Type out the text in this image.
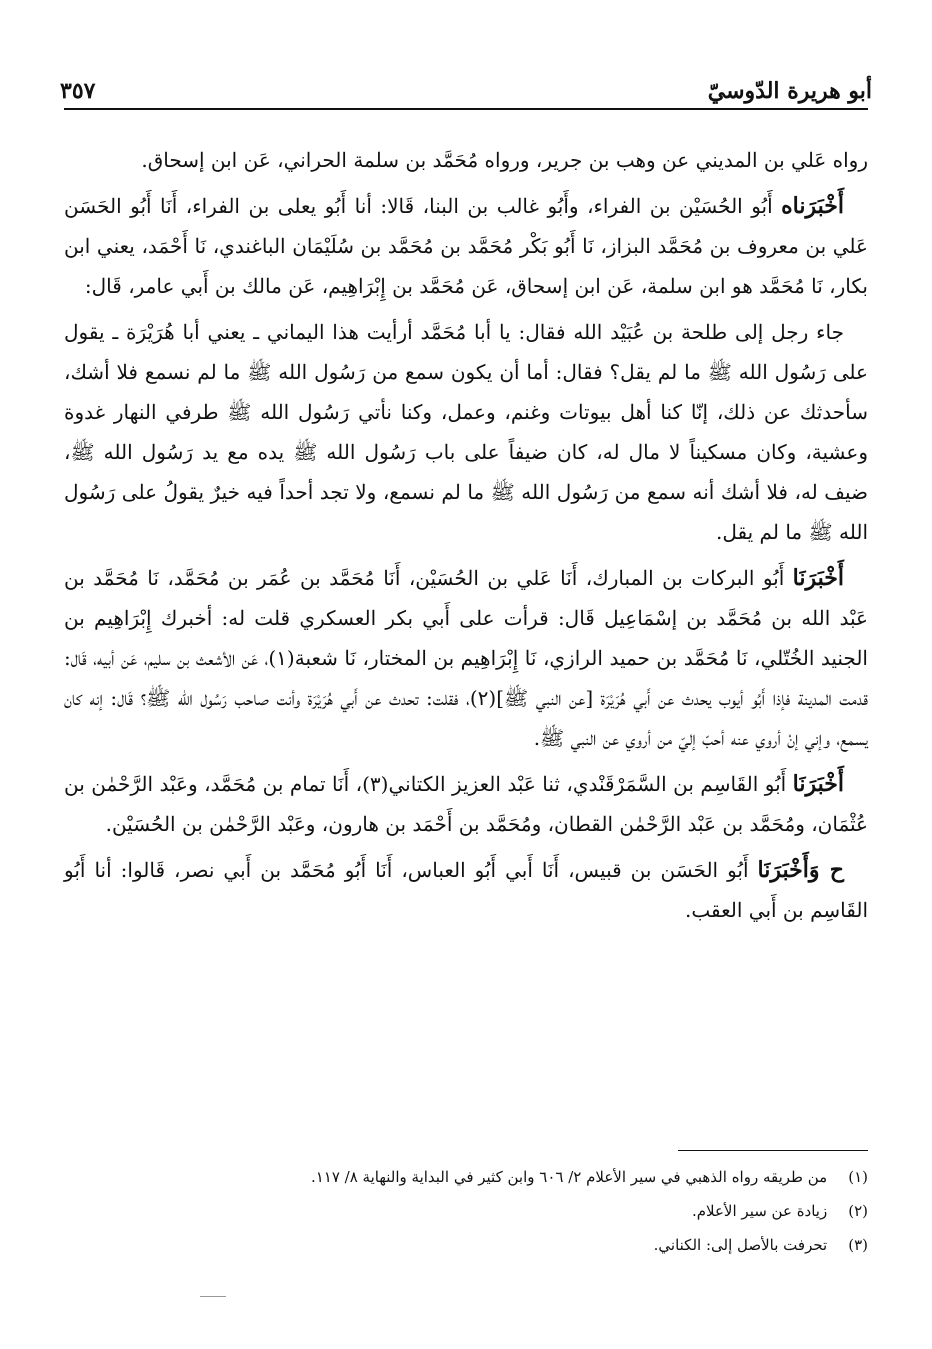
٣٥٧	أبو هريرة الدّوسيّ

رواه عَلي بن المديني عن وهب بن جرير، ورواه مُحَمَّد بن سلمة الحراني، عَن ابن إسحاق.

أَخْبَرَناه أَبُو الحُسَيْن بن الفراء، وأَبُو غالب بن البنا، قَالا: أنا أَبُو يعلى بن الفراء، أَنَا أَبُو الحَسَن عَلي بن معروف بن مُحَمَّد البزاز، نَا أَبُو بَكْر مُحَمَّد بن مُحَمَّد بن سُلَيْمَان الباغندي، نَا أَحْمَد، يعني ابن بكار، نَا مُحَمَّد هو ابن سلمة، عَن ابن إسحاق، عَن مُحَمَّد بن إِبْرَاهِيم، عَن مالك بن أَبي عامر، قَال:

جاء رجل إلى طلحة بن عُبَيْد الله فقال: يا أبا مُحَمَّد أرأيت هذا اليماني ـ يعني أبا هُرَيْرَة ـ يقول على رَسُول الله ﷺ ما لم يقل؟ فقال: أما أن يكون سمع من رَسُول الله ﷺ ما لم نسمع فلا أشك، سأحدثك عن ذلك، إنّا كنا أهل بيوتات وغنم، وعمل، وكنا نأتي رَسُول الله ﷺ طرفي النهار غدوة وعشية، وكان مسكيناً لا مال له، كان ضيفاً على باب رَسُول الله ﷺ يده مع يد رَسُول الله ﷺ، ضيف له، فلا أشك أنه سمع من رَسُول الله ﷺ ما لم نسمع، ولا تجد أحداً فيه خيرٌ يقولُ على رَسُول الله ﷺ ما لم يقل.

أَخْبَرَنَا أَبُو البركات بن المبارك، أَنَا عَلي بن الحُسَيْن، أَنَا مُحَمَّد بن عُمَر بن مُحَمَّد، نَا مُحَمَّد بن عَبْد الله بن مُحَمَّد بن إسْمَاعِيل قَال: قرأت على أَبي بكر العسكري قلت له: أخبرك إِبْرَاهِيم بن الجنيد الخُتّلي، نَا مُحَمَّد بن حميد الرازي، نَا إِبْرَاهِيم بن المختار، نَا شعبة(١)، عَن الأشعث بن سليم، عَن أبيه، قَال: قدمت المدينة فإذا أَبُو أيوب يحدث عن أَبي هُرَيْرَة [عن النبي ﷺ](٢)، فقلت: تحدث عن أَبي هُرَيْرَة وأنت صاحب رَسُول الله ﷺ؟ قَال: إنه كان يسمع، وإني إنْ أروي عنه أحبّ إليّ من أروي عن النبي ﷺ.

أَخْبَرَنَا أَبُو القَاسِم بن السَّمَرْقَنْدي، ثنا عَبْد العزيز الكتاني(٣)، أَنَا تمام بن مُحَمَّد، وعَبْد الرَّحْمٰن بن عُثْمَان، ومُحَمَّد بن عَبْد الرَّحْمٰن القطان، ومُحَمَّد بن أَحْمَد بن هارون، وعَبْد الرَّحْمٰن بن الحُسَيْن.

ح وَأَخْبَرَنَا أَبُو الحَسَن بن قبيس، أَنَا أَبي أَبُو العباس، أَنَا أَبُو مُحَمَّد بن أَبي نصر، قَالوا: أنا أَبُو القَاسِم بن أَبي العقب.

(١) من طريقه رواه الذهبي في سير الأعلام ٢/ ٦٠٦ وابن كثير في البداية والنهاية ٨/ ١١٧.

(٢) زيادة عن سير الأعلام.

(٣) تحرفت بالأصل إلى: الكناني.
